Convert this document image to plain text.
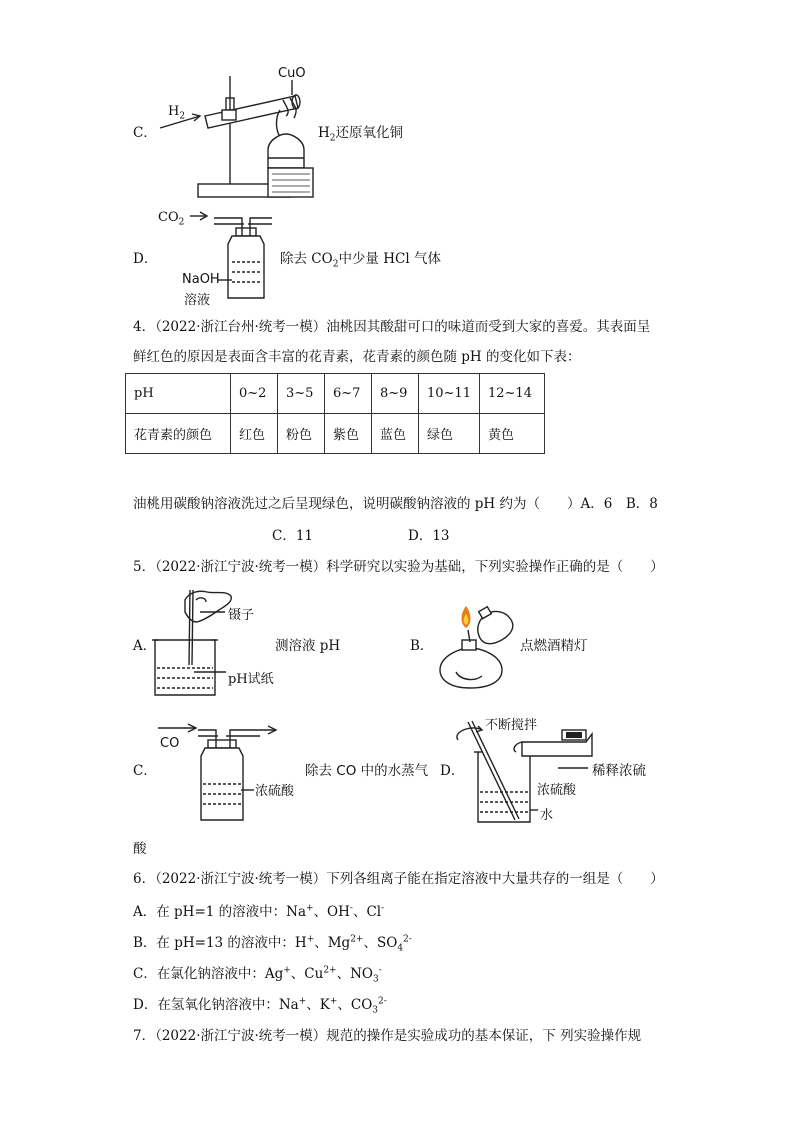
C．
$H_2$
CuO
$H_2$还原氧化铜
D．
$CO_2$
NaOH
溶液
除去 $CO_2$中少量 HCl 气体
4．（2022·浙江台州·统考一模）油桃因其酸甜可口的味道而受到大家的喜爱。其表面呈
鲜红色的原因是表面含丰富的花青素，花青素的颜色随 pH 的变化如下表：
pH	0~2	3~5	6~7	8~9	10~11	12~14
花青素的颜色	红色	粉色	紫色	蓝色	绿色	黄色
油桃用碳酸钠溶液洗过之后呈现绿色，说明碳酸钠溶液的 pH 约为（　　）A．6　B．8
C．11	D．13
5．（2022·浙江宁波·统考一模）科学研究以实验为基础，下列实验操作正确的是（　　）
A．
镊子
pH试纸
测溶液 pH	B．	点燃酒精灯
C．
CO
浓硫酸
除去 CO 中的水蒸气 D．
不断搅拌
浓硫酸
水
稀释浓硫
酸
6．（2022·浙江宁波·统考一模）下列各组离子能在指定溶液中大量共存的一组是（　　）
A．在 pH=1 的溶液中：Na+、OH-、Cl-
B．在 pH=13 的溶液中：H+、$Mg^{2+}$、$SO_4^{2-}$
C．在氯化钠溶液中：Ag+、$Cu^{2+}$、$NO_3^-$
D．在氢氧化钠溶液中：Na+、K+、$CO_3^{2-}$
7．（2022·浙江宁波·统考一模）规范的操作是实验成功的基本保证，下 列实验操作规
